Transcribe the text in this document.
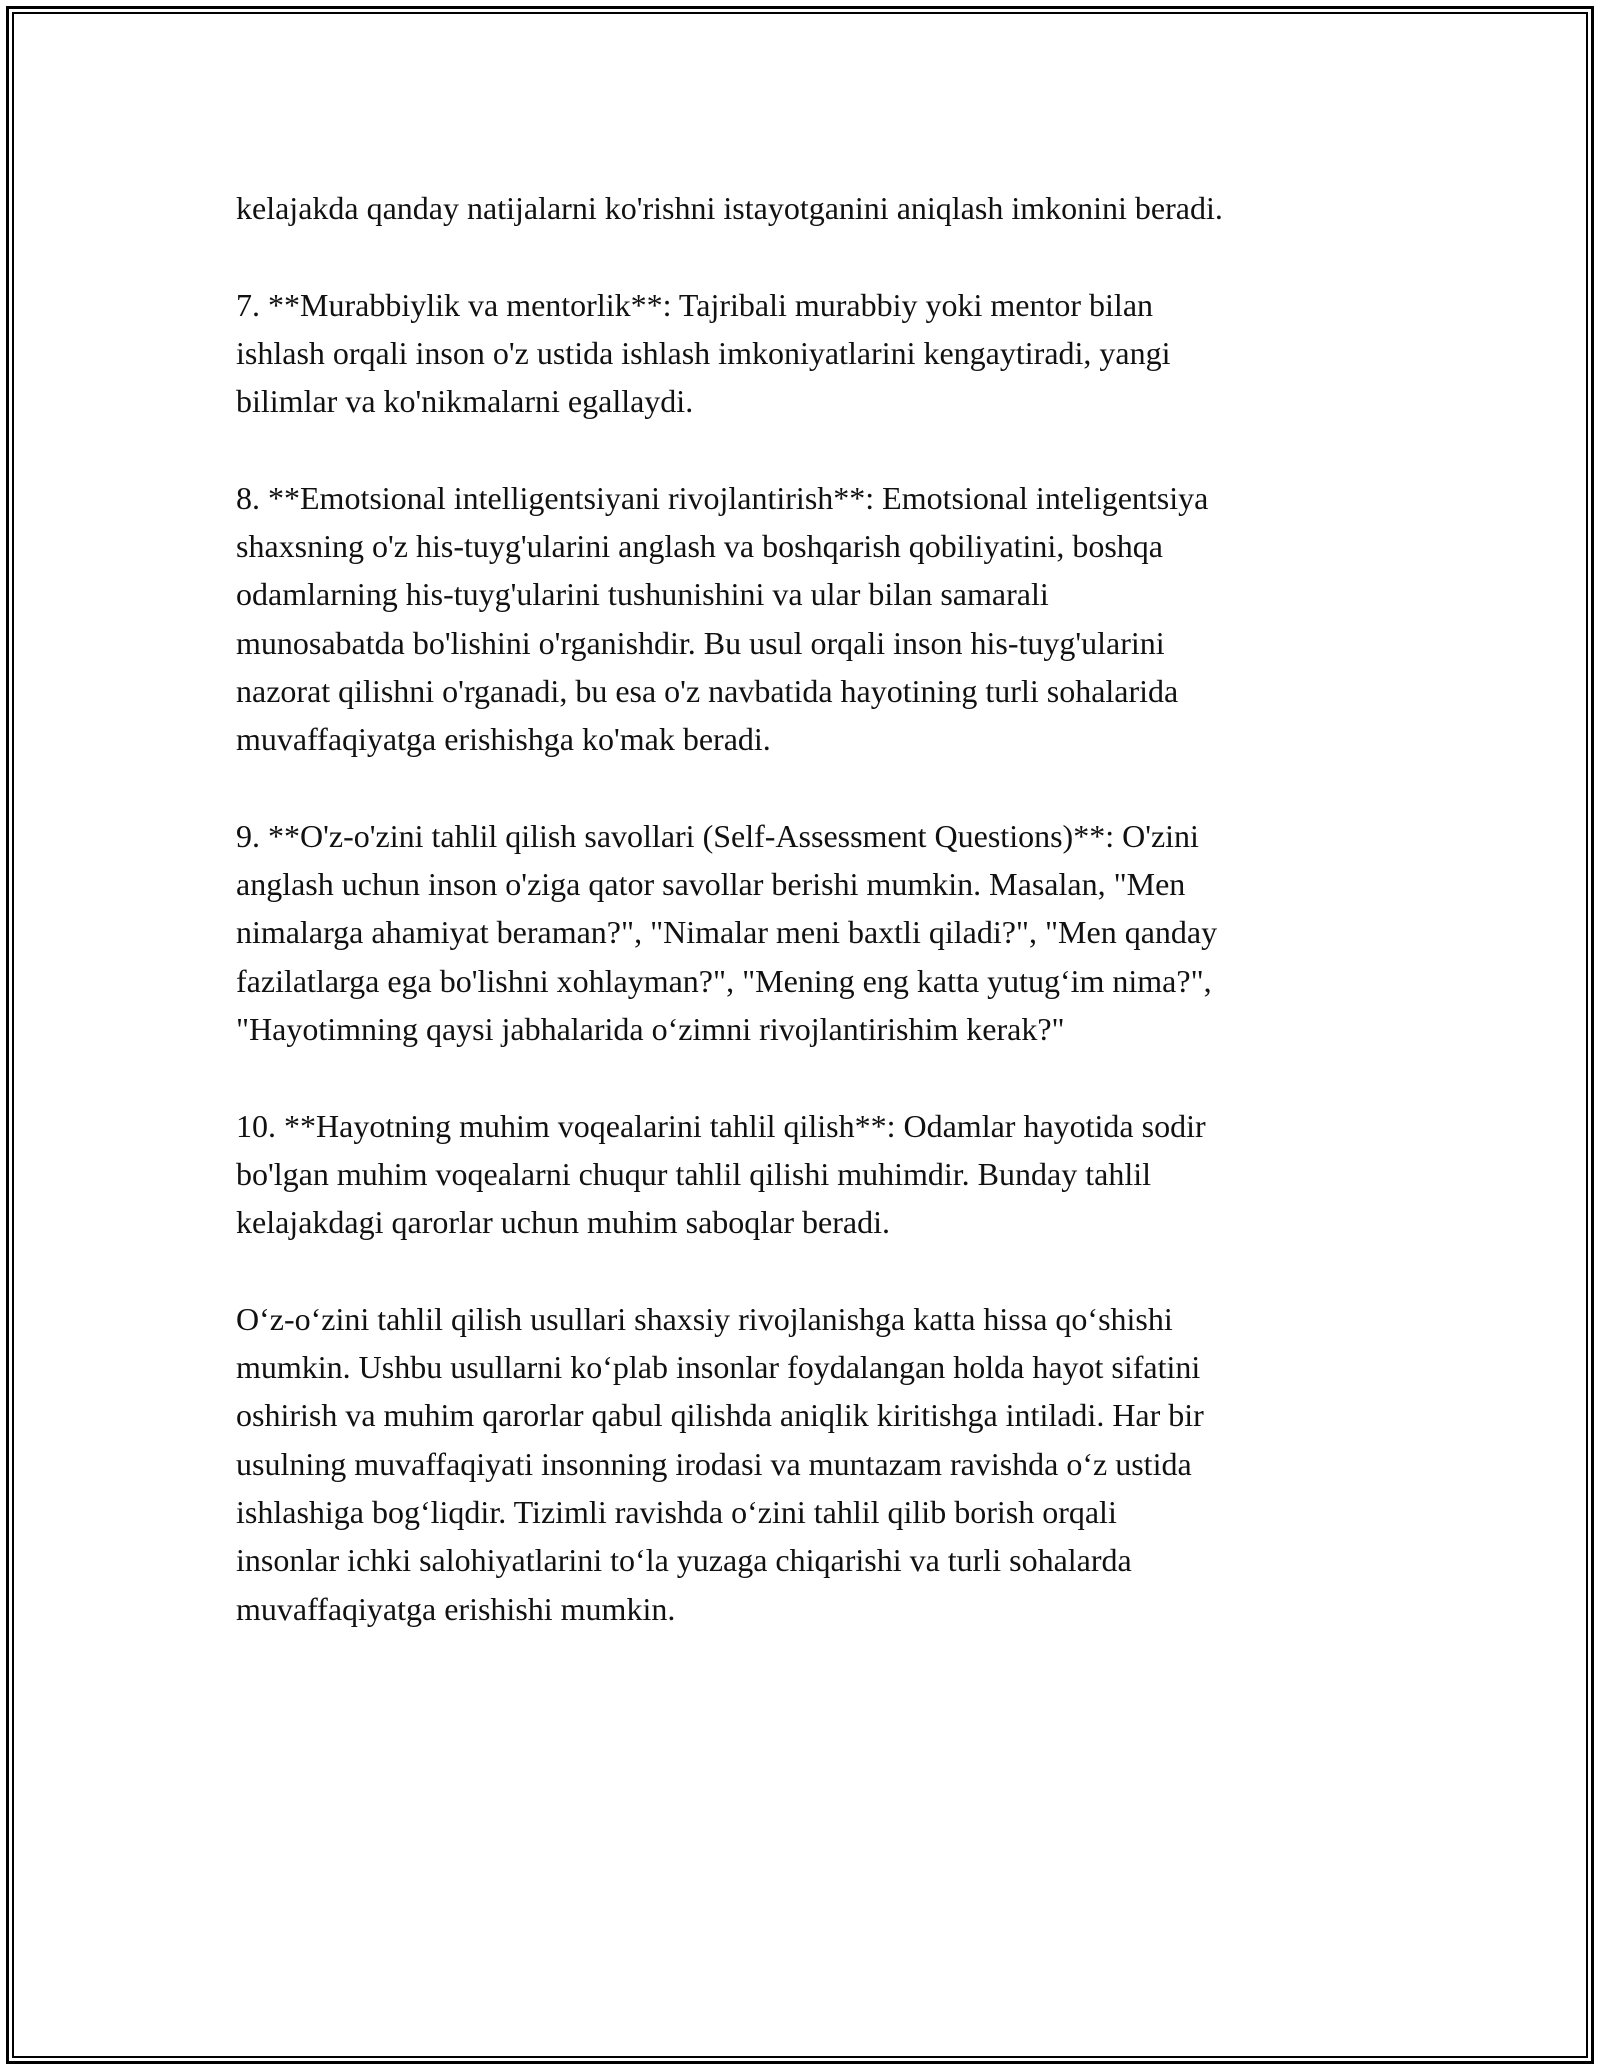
kelajakda qanday natijalarni ko'rishni istayotganini aniqlash imkonini beradi.
7. **Murabbiylik va mentorlik**: Tajribali murabbiy yoki mentor bilan
ishlash orqali inson o'z ustida ishlash imkoniyatlarini kengaytiradi, yangi
bilimlar va ko'nikmalarni egallaydi.
8. **Emotsional intelligentsiyani rivojlantirish**: Emotsional inteligentsiya
shaxsning o'z his-tuyg'ularini anglash va boshqarish qobiliyatini, boshqa
odamlarning his-tuyg'ularini tushunishini va ular bilan samarali
munosabatda bo'lishini o'rganishdir. Bu usul orqali inson his-tuyg'ularini
nazorat qilishni o'rganadi, bu esa o'z navbatida hayotining turli sohalarida
muvaffaqiyatga erishishga ko'mak beradi.
9. **O'z-o'zini tahlil qilish savollari (Self-Assessment Questions)**: O'zini
anglash uchun inson o'ziga qator savollar berishi mumkin. Masalan, "Men
nimalarga ahamiyat beraman?", "Nimalar meni baxtli qiladi?", "Men qanday
fazilatlarga ega bo'lishni xohlayman?", "Mening eng katta yutug‘im nima?",
"Hayotimning qaysi jabhalarida o‘zimni rivojlantirishim kerak?"
10. **Hayotning muhim voqealarini tahlil qilish**: Odamlar hayotida sodir
bo'lgan muhim voqealarni chuqur tahlil qilishi muhimdir. Bunday tahlil
kelajakdagi qarorlar uchun muhim saboqlar beradi.
O‘z-o‘zini tahlil qilish usullari shaxsiy rivojlanishga katta hissa qo‘shishi
mumkin. Ushbu usullarni ko‘plab insonlar foydalangan holda hayot sifatini
oshirish va muhim qarorlar qabul qilishda aniqlik kiritishga intiladi. Har bir
usulning muvaffaqiyati insonning irodasi va muntazam ravishda o‘z ustida
ishlashiga bog‘liqdir. Tizimli ravishda o‘zini tahlil qilib borish orqali
insonlar ichki salohiyatlarini to‘la yuzaga chiqarishi va turli sohalarda
muvaffaqiyatga erishishi mumkin.
